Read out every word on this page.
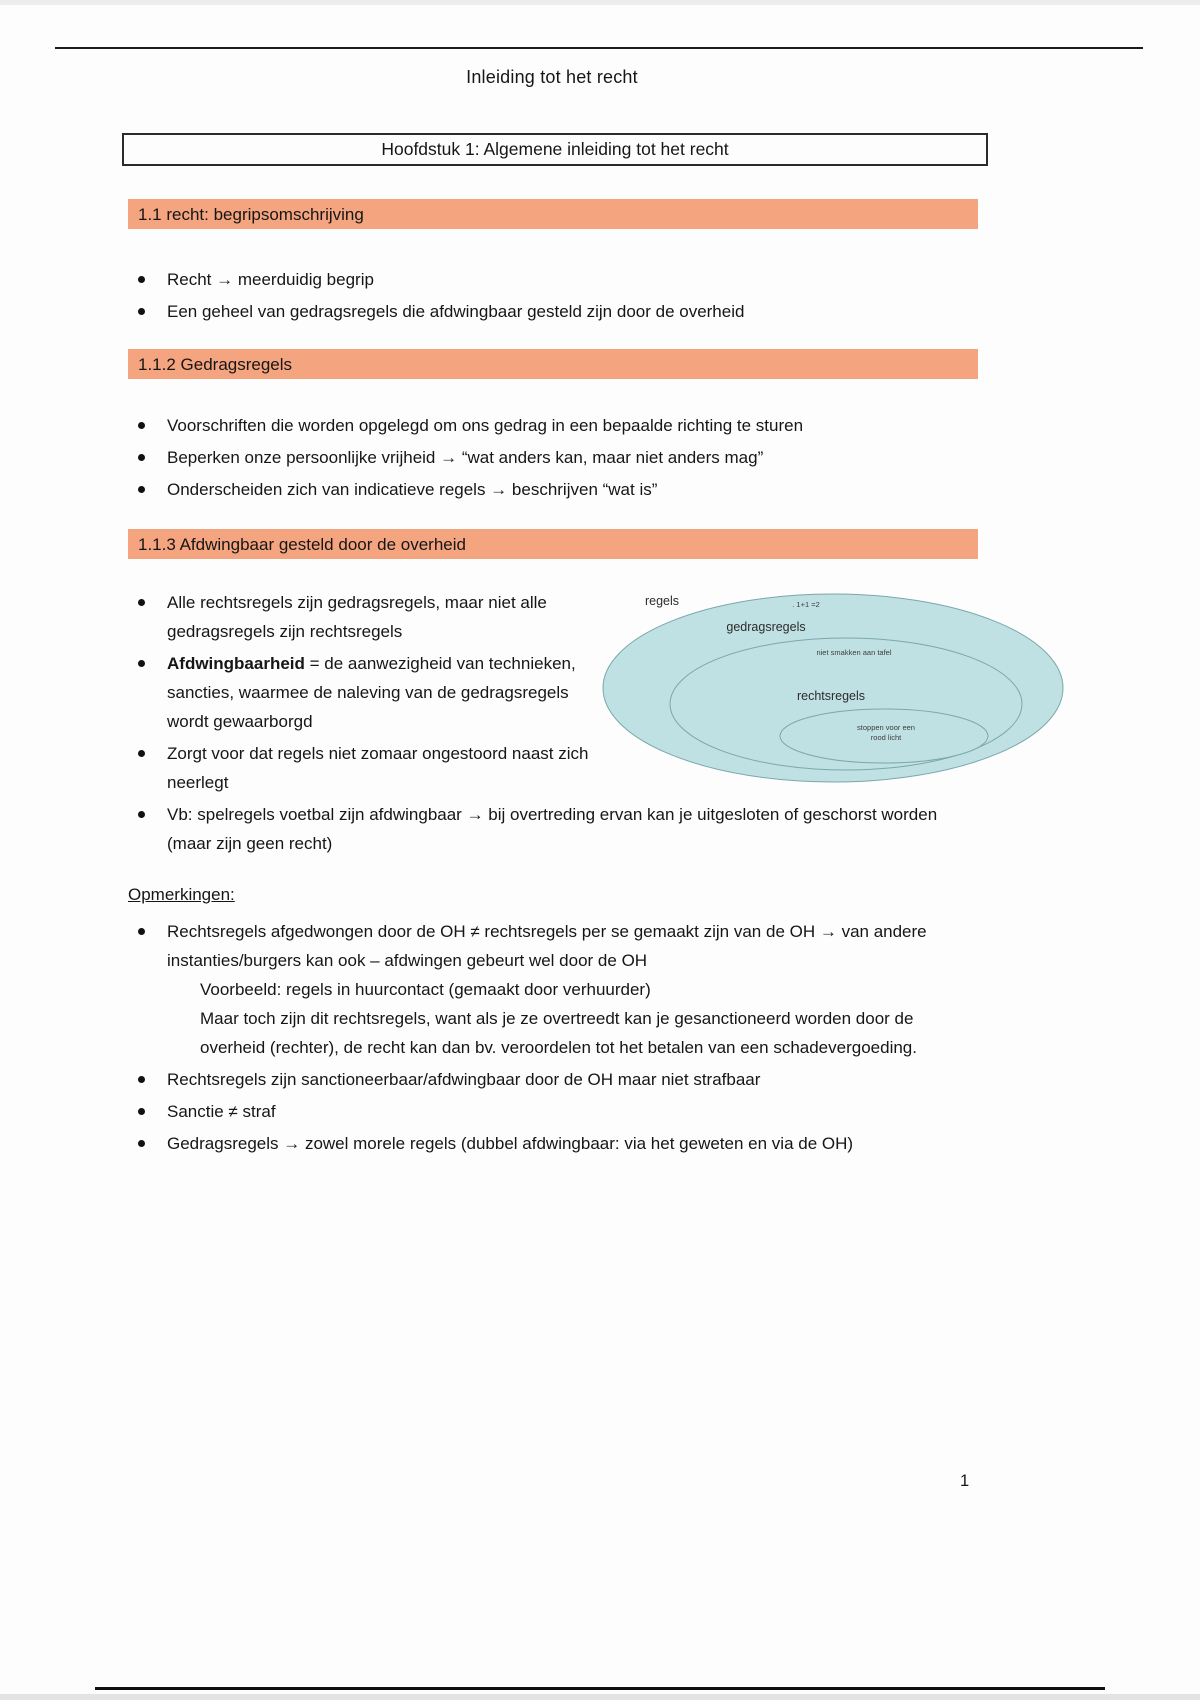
Inleiding tot het recht
Hoofdstuk 1: Algemene inleiding tot het recht
1.1 recht: begripsomschrijving
Recht → meerduidig begrip
Een geheel van gedragsregels die afdwingbaar gesteld zijn door de overheid
1.1.2 Gedragsregels
Voorschriften die worden opgelegd om ons gedrag in een bepaalde richting te sturen
Beperken onze persoonlijke vrijheid → “wat anders kan, maar niet anders mag”
Onderscheiden zich van indicatieve regels → beschrijven “wat is”
1.1.3 Afdwingbaar gesteld door de overheid
regels	. 1+1 =2
gedragsregels
niet smakken aan tafel
rechtsregels
stoppen voor een
rood licht
Alle rechtsregels zijn gedragsregels, maar niet alle gedragsregels zijn rechtsregels
Afdwingbaarheid = de aanwezigheid van technieken, sancties, waarmee de naleving van de gedragsregels wordt gewaarborgd
Zorgt voor dat regels niet zomaar ongestoord naast zich neerlegt
Vb: spelregels voetbal zijn afdwingbaar → bij overtreding ervan kan je uitgesloten of geschorst worden (maar zijn geen recht)
Opmerkingen:
Rechtsregels afgedwongen door de OH ≠ rechtsregels per se gemaakt zijn van de OH → van andere instanties/burgers kan ook – afdwingen gebeurt wel door de OH
Voorbeeld: regels in huurcontact (gemaakt door verhuurder)
Maar toch zijn dit rechtsregels, want als je ze overtreedt kan je gesanctioneerd worden door de overheid (rechter), de recht kan dan bv. veroordelen tot het betalen van een schadevergoeding.
Rechtsregels zijn sanctioneerbaar/afdwingbaar door de OH maar niet strafbaar
Sanctie ≠ straf
Gedragsregels → zowel morele regels (dubbel afdwingbaar: via het geweten en via de OH)
1
